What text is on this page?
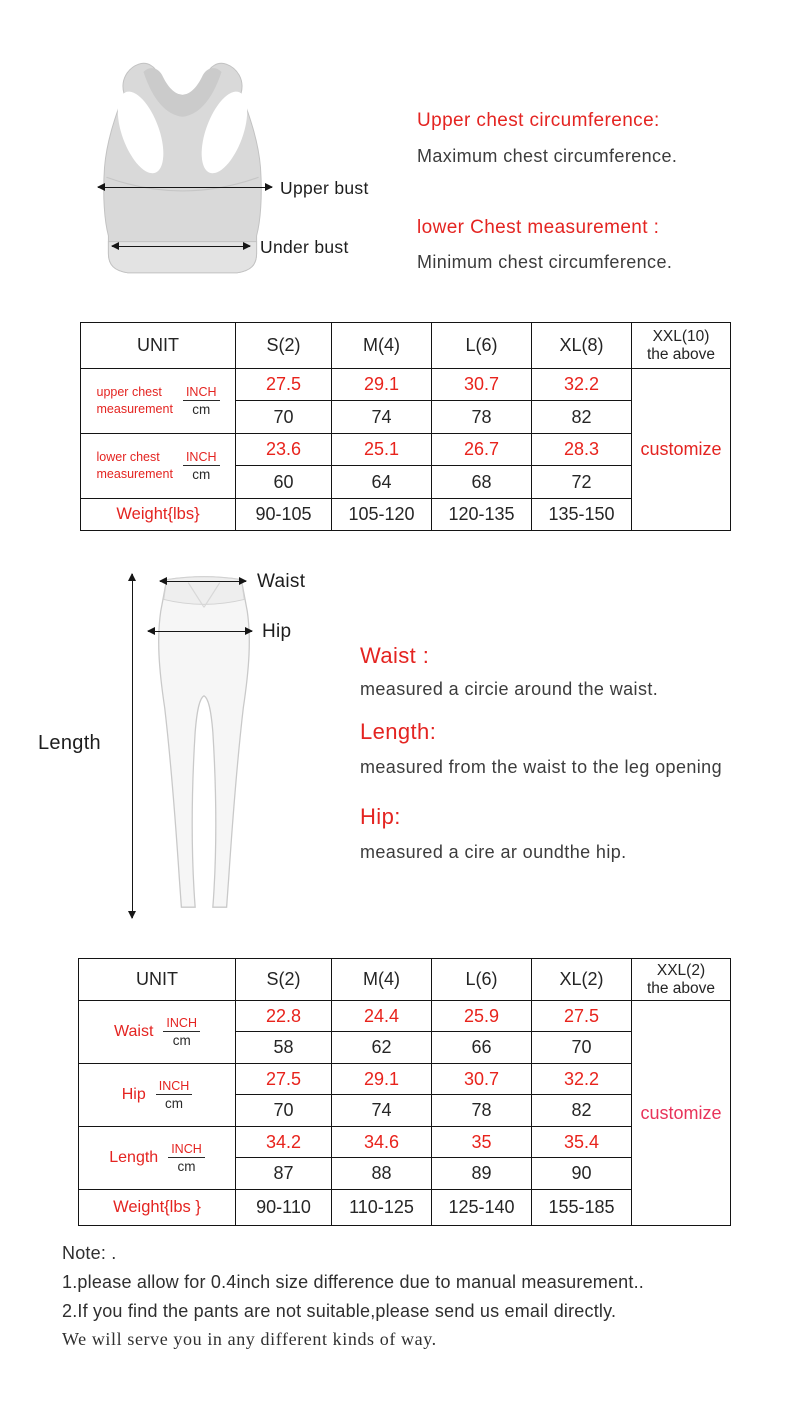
Upper bust
Under bust
Upper chest circumference:
Maximum chest circumference.
lower Chest measurement :
Minimum chest circumference.
UNIT	S(2)	M(4)	L(6)	XL(8)	XXL(10)
the above

upper chest
measurement $\frac{\text{INCH}}{cm}$	27.5	29.1	30.7	32.2	customize
	70	74	78	82	

lower chest
measurement $\frac{\text{INCH}}{cm}$	23.6	25.1	26.7	28.3	
	60	64	68	72	
Weight{lbs}	90-105	105-120	120-135	135-150	
Waist
Hip
Length
Waist :
measured a circie around the waist.
Length:
measured from the waist to the leg opening
Hip:
measured a cire ar oundthe hip.
UNIT	S(2)	M(4)	L(6)	XL(2)	XXL(2)
the above

Waist $\frac{\text{INCH}}{cm}$	22.8	24.4	25.9	27.5	customize
	58	62	66	70	

Hip $\frac{\text{INCH}}{cm}$	27.5	29.1	30.7	32.2	
	70	74	78	82	

Length $\frac{\text{INCH}}{cm}$	34.2	34.6	35	35.4	
	87	88	89	90	
Weight{lbs }	90-110	110-125	125-140	155-185	
Note: .
1.please allow for 0.4inch size difference due to manual measurement..
2.If you find the pants are not suitable,please send us email directly.
We will serve you in any different kinds of way.
